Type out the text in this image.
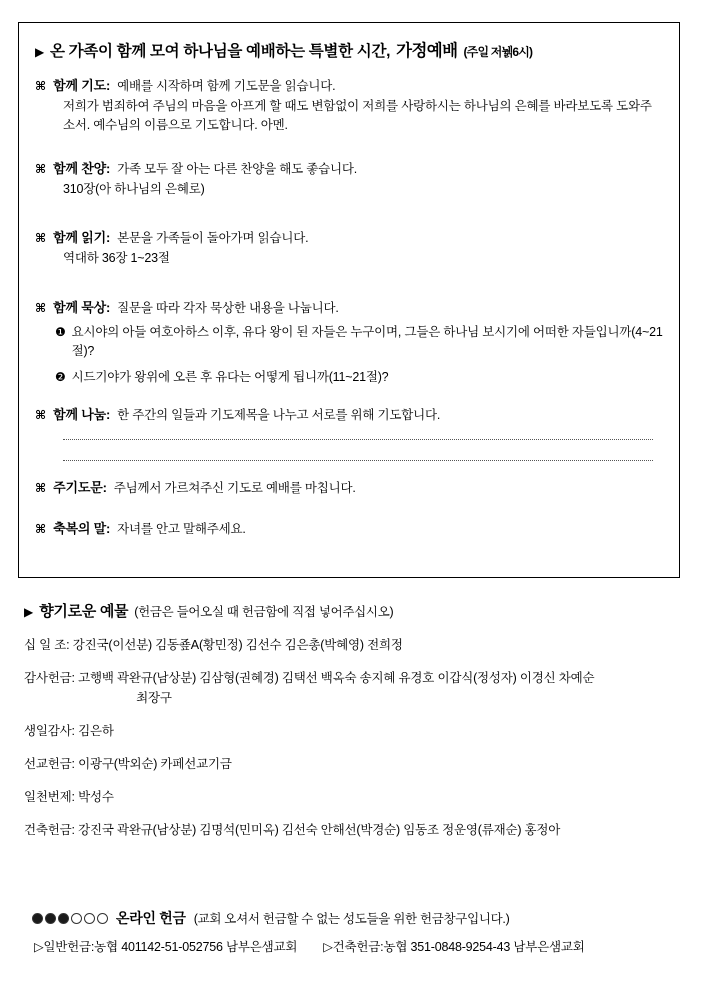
▶ 온 가족이 함께 모여 하나님을 예배하는 특별한 시간, 가정예배 (주일 저뉅6시)
⌘ 함께 기도: 예배를 시작하며 함께 기도문을 읽습니다.
저희가 범죄하여 주님의 마음을 아프게 할 때도 변함없이 저희를 사랑하시는 하나님의 은혜를 바라보도록 도와주소서. 예수님의 이름으로 기도합니다. 아멘.
⌘ 함께 찬양: 가족 모두 잘 아는 다른 찬양을 해도 좋습니다.
310장(아 하나님의 은혜로)
⌘ 함께 읽기: 본문을 가족들이 돌아가며 읽습니다.
역대하 36장 1~23절
⌘ 함께 묵상: 질문을 따라 각자 묵상한 내용을 나눕니다.
❶ 요시야의 아들 여호아하스 이후, 유다 왕이 된 자들은 누구이며, 그들은 하나님 보시기에 어떠한 자들입니까(4~21절)?
❷ 시드기야가 왕위에 오른 후 유다는 어떻게 됩니까(11~21절)?
⌘ 함께 나눔: 한 주간의 일들과 기도제목을 나누고 서로를 위해 기도합니다.
⌘ 주기도문: 주님께서 가르쳐주신 기도로 예배를 마칩니다.
⌘ 축복의 말: 자녀를 안고 말해주세요.
▶ 향기로운 예물 (헌금은 들어오실 때 헌금함에 직접 넣어주십시오)
십 일 조:
강진국(이선분) 김동죺A(황민정) 김선수 김은총(박혜영) 전희정
감사헌금:
고행백 곽완규(남상분) 김삼형(권혜경) 김택선 백옥숙 송지혜 유경호 이갑식(정성자) 이경신 차예순
최장구
생일감사:
김은하
선교헌금:
이광구(박외순) 카페선교기금
일천번제:
박성수
건축헌금:
강진국 곽완규(남상분) 김명석(민미옥) 김선숙 안해선(박경순) 임동조 정운영(류재순) 홍정아
온라인 헌금 (교회 오셔서 헌금할 수 없는 성도들을 위한 헌금창구입니다.)
▷일반헌금:농협 401142-51-052756 남부은샘교회 ▷건축헌금:농협 351-0848-9254-43 남부은샘교회
